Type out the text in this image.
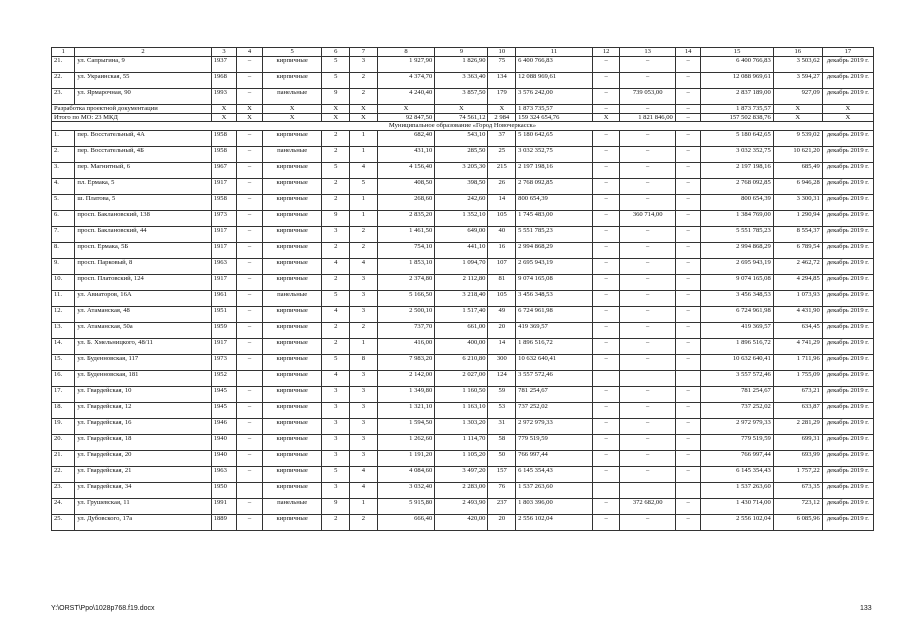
1	2	3	4	5	6	7	8	9	10	11	12	13	14	15	16	17
21.	ул. Сапрыгина, 9	1937	–	кирпичные	5	3	1 927,90	1 826,90	75	6 400 766,83	–	–	–	6 400 766,83	3 503,62	декабрь 2019 г.
22.	ул. Украинская, 55	1968	–	кирпичные	5	2	4 374,70	3 363,40	134	12 088 969,61	–	–	–	12 088 969,61	3 594,27	декабрь 2019 г.
23.	ул. Ярмарочная, 90	1993	–	панельные	9	2	4 240,40	3 857,50	179	3 576 242,00	–	739 053,00	–	2 837 189,00	927,09	декабрь 2019 г.
Разработка проектной документации		X	X	X	X	X	X	X	X	1 873 735,57	–	–	–	1 873 735,57	X	X
Итого по МО: 23 МКД		X	X	X	X	X	92 847,50	74 561,12	2 984	159 324 654,76	X	1 821 846,00	–	157 502 838,76	X	X
Муниципальное образование «Город Новочеркасск»																
1.	пер. Восстательный, 4А	1958	–	кирпичные	2	1	682,40	543,10	37	5 180 642,65	–	–	–	5 180 642,65	9 539,02	декабрь 2019 г.
2.	пер. Восстательный, 4Б	1958	–	панельные	2	1	431,10	285,50	25	3 032 352,75	–	–	–	3 032 352,75	10 621,20	декабрь 2019 г.
3.	пер. Магнитный, 6	1967	–	кирпичные	5	4	4 156,40	3 205,30	215	2 197 198,16	–	–	–	2 197 198,16	685,49	декабрь 2019 г.
4.	пл. Ермака, 5	1917	–	кирпичные	2	5	408,50	398,50	26	2 768 092,85	–	–	–	2 768 092,85	6 946,28	декабрь 2019 г.
5.	ш. Платова, 5	1958	–	кирпичные	2	1	268,60	242,60	14	800 654,39	–	–	–	800 654,39	3 300,31	декабрь 2019 г.
6.	просп. Баклановский, 138	1973	–	кирпичные	9	1	2 835,20	1 352,10	105	1 745 483,00	–	360 714,00	–	1 384 769,00	1 290,94	декабрь 2019 г.
7.	просп. Баклановский, 44	1917	–	кирпичные	3	2	1 461,50	649,00	40	5 551 785,23	–	–	–	5 551 785,23	8 554,37	декабрь 2019 г.
8.	просп. Ермака, 5Б	1917	–	кирпичные	2	2	754,10	441,10	16	2 994 868,29	–	–	–	2 994 868,29	6 789,54	декабрь 2019 г.
9.	просп. Парковый, 8	1963	–	кирпичные	4	4	1 853,10	1 094,70	107	2 695 943,19	–	–	–	2 695 943,19	2 462,72	декабрь 2019 г.
10.	просп. Платовский, 124	1917	–	кирпичные	2	3	2 374,80	2 112,80	81	9 074 165,08	–	–	–	9 074 165,08	4 294,85	декабрь 2019 г.
11.	ул. Авиаторов, 16А	1961	–	панельные	5	3	5 166,50	3 218,40	105	3 456 348,53	–	–	–	3 456 348,53	1 073,93	декабрь 2019 г.
12.	ул. Атаманская, 48	1951	–	кирпичные	4	3	2 500,10	1 517,40	49	6 724 961,98	–	–	–	6 724 961,98	4 431,90	декабрь 2019 г.
13.	ул. Атаманская, 50а	1959	–	кирпичные	2	2	737,70	661,00	20	419 369,57	–	–	–	419 369,57	634,45	декабрь 2019 г.
14.	ул. Б. Хмельницкого, 48/11	1917	–	кирпичные	2	1	416,00	400,00	14	1 896 516,72	–	–	–	1 896 516,72	4 741,29	декабрь 2019 г.
15.	ул. Буденновская, 117	1973	–	кирпичные	5	8	7 983,20	6 210,80	300	10 632 640,41	–	–	–	10 632 640,41	1 711,96	декабрь 2019 г.
16.	ул. Буденновская, 181	1952		кирпичные	4	3	2 142,00	2 027,00	124	3 557 572,46				3 557 572,46	1 755,09	декабрь 2019 г.
17.	ул. Гвардейская, 10	1945	–	кирпичные	3	3	1 349,80	1 160,50	59	781 254,67	–	–	–	781 254,67	673,21	декабрь 2019 г.
18.	ул. Гвардейская, 12	1945	–	кирпичные	3	3	1 321,10	1 163,10	53	737 252,02	–	–	–	737 252,02	633,87	декабрь 2019 г.
19.	ул. Гвардейская, 16	1946	–	кирпичные	3	3	1 594,50	1 303,20	31	2 972 979,33	–	–	–	2 972 979,33	2 281,29	декабрь 2019 г.
20.	ул. Гвардейская, 18	1940	–	кирпичные	3	3	1 262,60	1 114,70	58	779 519,59	–	–	–	779 519,59	699,31	декабрь 2019 г.
21.	ул. Гвардейская, 20	1940	–	кирпичные	3	3	1 191,20	1 105,20	50	766 997,44	–	–	–	766 997,44	693,99	декабрь 2019 г.
22.	ул. Гвардейская, 21	1963	–	кирпичные	5	4	4 084,60	3 497,20	157	6 145 354,43	–	–	–	6 145 354,43	1 757,22	декабрь 2019 г.
23.	ул. Гвардейская, 34	1950		кирпичные	3	4	3 032,40	2 283,00	76	1 537 263,60				1 537 263,60	673,35	декабрь 2019 г.
24.	ул. Грушевская, 11	1991	–	панельные	9	1	5 915,80	2 493,90	237	1 803 396,00	–	372 682,00	–	1 430 714,00	723,12	декабрь 2019 г.
25.	ул. Дубовского, 17а	1889	–	кирпичные	2	2	666,40	420,00	20	2 556 102,04	–	–	–	2 556 102,04	6 085,96	декабрь 2019 г.
Y:\ORST\Ppo\1028p768.f19.docx	133
